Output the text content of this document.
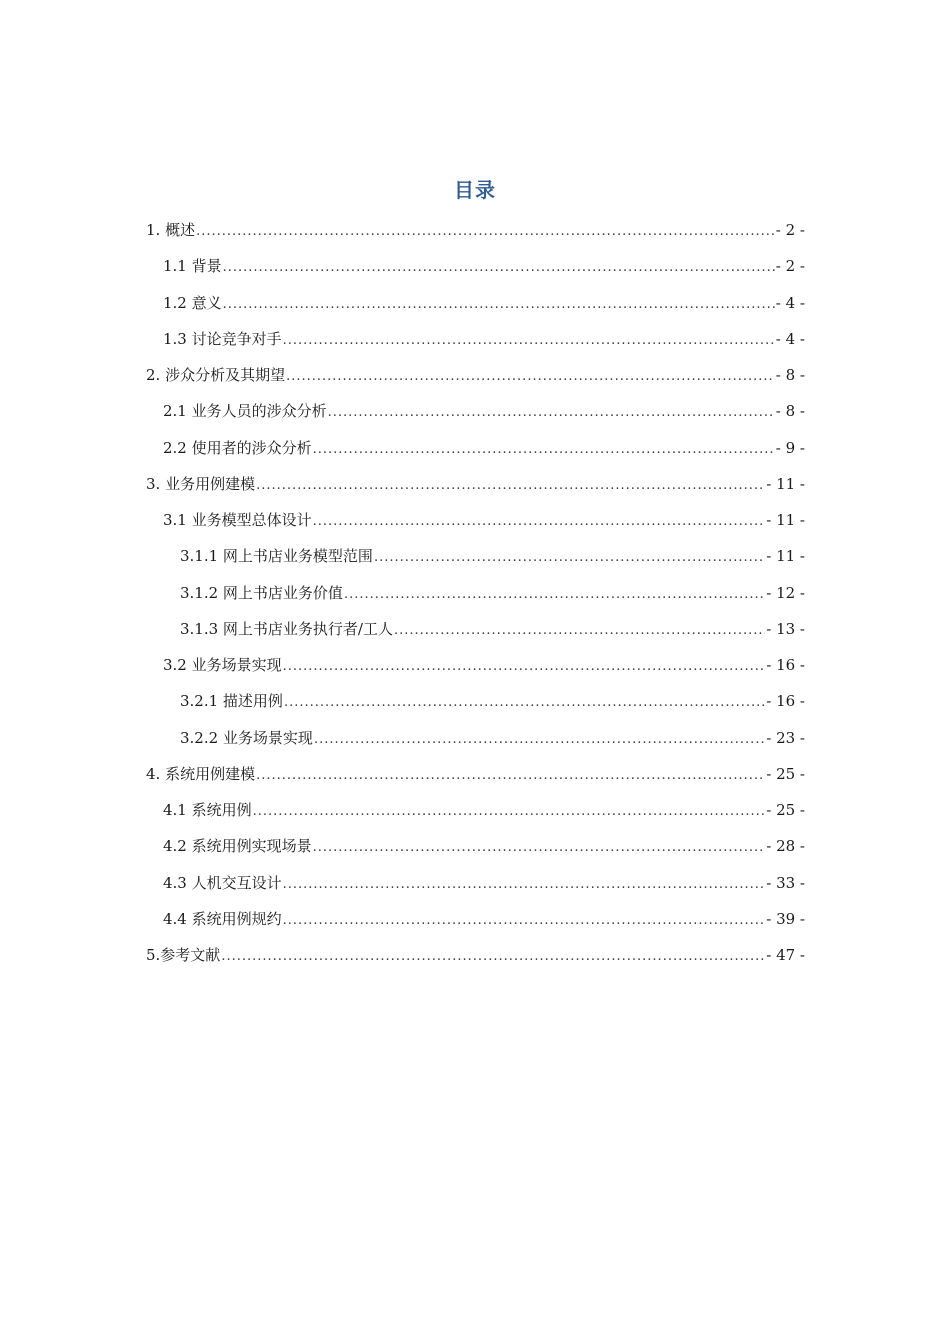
目录
1. 概述 .....	- 2 -
1.1 背景 .....	- 2 -
1.2 意义 .....	- 4 -
1.3 讨论竞争对手 .....	- 4 -
2. 涉众分析及其期望 .....	- 8 -
2.1 业务人员的涉众分析 .....	- 8 -
2.2 使用者的涉众分析 .....	- 9 -
3. 业务用例建模 .....	- 11 -
3.1 业务模型总体设计 .....	- 11 -
3.1.1 网上书店业务模型范围 .....	- 11 -
3.1.2 网上书店业务价值 .....	- 12 -
3.1.3 网上书店业务执行者/工人 .....	- 13 -
3.2 业务场景实现 .....	- 16 -
3.2.1 描述用例 .....	- 16 -
3.2.2 业务场景实现 .....	- 23 -
4. 系统用例建模 .....	- 25 -
4.1 系统用例 .....	- 25 -
4.2 系统用例实现场景 .....	- 28 -
4.3 人机交互设计 .....	- 33 -
4.4 系统用例规约 .....	- 39 -
5.参考文献 .....	- 47 -
